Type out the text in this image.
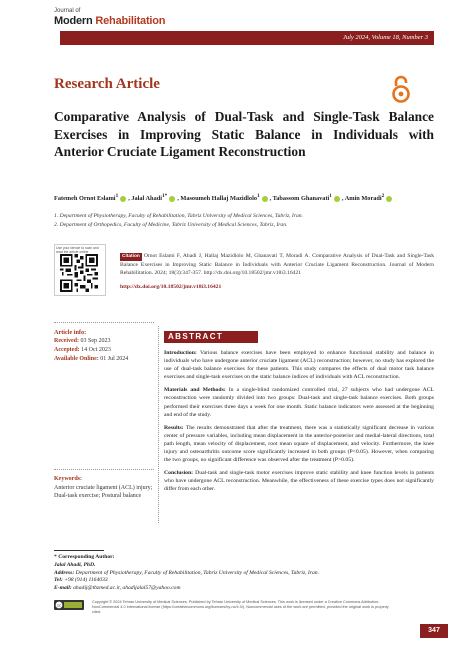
Journal of
Modern Rehabilitation
July 2024, Volume 18, Number 3
Research Article
Comparative Analysis of Dual-Task and Single-Task Balance Exercises in Improving Static Balance in Individuals with Anterior Cruciate Ligament Reconstruction
Fatemeh Ornot Eslami$^1$ , Jalal Ahadi$^{1*}$ , Masoumeh Hallaj Mazidlolo$^1$ , Tabassom Ghanavati$^1$ , Amin Moradi$^2$
1. Department of Physiotherapy, Faculty of Rehabilitation, Tabriz University of Medical Sciences, Tabriz, Iran.
2. Department of Orthopedics, Faculty of Medicine, Tabriz University of Medical Sciences, Tabriz, Iran.
Use your device to scan and read the article online
Citation Ornot Eslami F, Ahadi J, Hallaj Mazidlolo M, Ghanavati T, Moradi A. Comparative Analysis of Dual-Task and Single-Task Balance Exercises in Improving Static Balance in Individuals with Anterior Cruciate Ligament Reconstruction. Journal of Modern Rehabilitation. 2024; 18(3):347-357. http://dx.doi.org/10.18502/jmr.v18i3.16421
http://dx.doi.org/10.18502/jmr.v18i3.16421
Article info:
Received: 03 Sep 2023
Accepted: 14 Oct 2023
Available Online: 01 Jul 2024
Keywords:
Anterior cruciate ligament (ACL) injury; Dual-task exercise; Postural balance
ABSTRACT

Introduction: Various balance exercises have been employed to enhance functional stability and balance in individuals who have undergone anterior cruciate ligament (ACL) reconstruction; however, no study has explored the use of dual-task balance exercises for these patients. This study compares the effects of dual motor task balance exercises and single-task exercises on the static balance indices of individuals with ACL reconstruction.

Materials and Methods: In a single-blind randomized controlled trial, 27 subjects who had undergone ACL reconstruction were randomly divided into two groups: Dual-task and single-task balance exercises. Both groups performed their exercises three days a week for one month. Static balance indicators were assessed at the beginning and end of the study.

Results: The results demonstrated that after the treatment, there was a statistically significant decrease in various center of pressure variables, including mean displacement in the anterior-posterior and medial-lateral directions, total path length, mean velocity of displacement, root mean square of displacement, and velocity. Furthermore, the knee injury and osteoarthritis outcome score significantly increased in both groups (P<0.05). However, when comparing the two groups, no significant difference was observed after the treatment (P>0.05).

Conclusion: Dual-task and single-task motor exercises improve static stability and knee function levels in patients who have undergone ACL reconstruction. Meanwhile, the effectiveness of these exercise types does not significantly differ from each other.

* Corresponding Author:
Jalal Ahadi, PhD.
Address: Department of Physiotherapy, Faculty of Rehabilitation, Tabriz University of Medical Sciences, Tabriz, Iran.
Tel: +98 (914) 1164033
E-mail: ahadij@tbzmed.ac.ir, ahadijalal57@yahoo.com
cc
Copyright © 2024 Tehran University of Medical Sciences. Published by Tehran University of Medical Sciences. This work is licensed under a Creative Commons Attribution-NonCommercial 4.0 International license (https://creativecommons.org/licenses/by-nc/4.0/). Noncommercial uses of the work are permitted, provided the original work is properly cited.
347
